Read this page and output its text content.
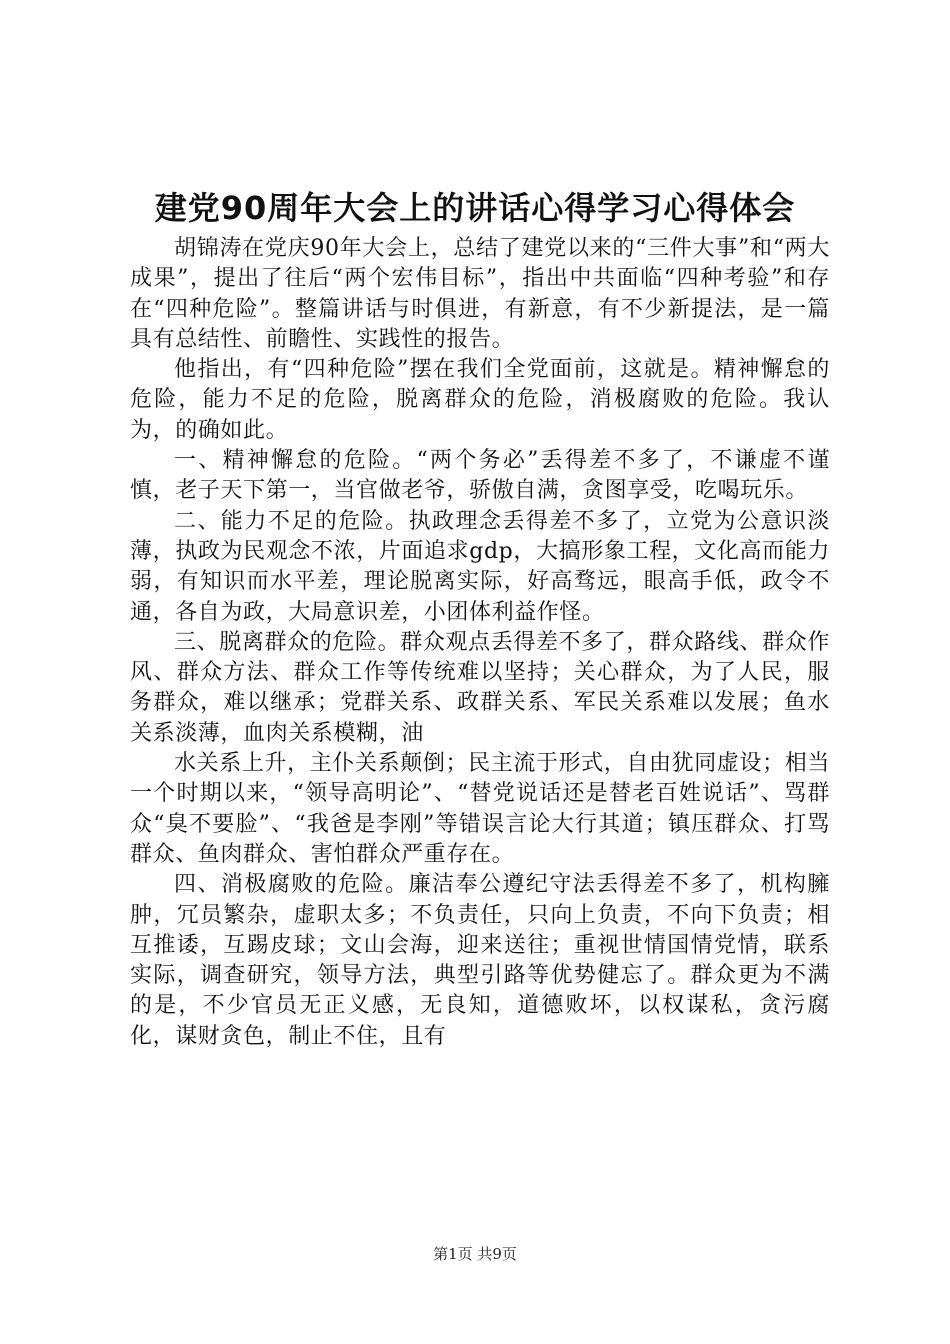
建党90周年大会上的讲话心得学习心得体会

胡锦涛在党庆90年大会上，总结了建党以来的“三件大事”和“两大成果”，提出了往后“两个宏伟目标”，指出中共面临“四种考验”和存在“四种危险”。整篇讲话与时俱进，有新意，有不少新提法，是一篇具有总结性、前瞻性、实践性的报告。

他指出，有“四种危险”摆在我们全党面前，这就是。精神懈怠的危险，能力不足的危险，脱离群众的危险，消极腐败的危险。我认为，的确如此。

一、精神懈怠的危险。“两个务必”丢得差不多了，不谦虚不谨慎，老子天下第一，当官做老爷，骄傲自满，贪图享受，吃喝玩乐。

二、能力不足的危险。执政理念丢得差不多了，立党为公意识淡薄，执政为民观念不浓，片面追求gdp，大搞形象工程，文化高而能力弱，有知识而水平差，理论脱离实际，好高骛远，眼高手低，政令不通，各自为政，大局意识差，小团体利益作怪。

三、脱离群众的危险。群众观点丢得差不多了，群众路线、群众作风、群众方法、群众工作等传统难以坚持；关心群众，为了人民，服务群众，难以继承；党群关系、政群关系、军民关系难以发展；鱼水关系淡薄，血肉关系模糊，油

水关系上升，主仆关系颠倒；民主流于形式，自由犹同虚设；相当一个时期以来，“领导高明论”、“替党说话还是替老百姓说话”、骂群众“臭不要脸”、“我爸是李刚”等错误言论大行其道；镇压群众、打骂群众、鱼肉群众、害怕群众严重存在。

四、消极腐败的危险。廉洁奉公遵纪守法丢得差不多了，机构臃肿，冗员繁杂，虚职太多；不负责任，只向上负责，不向下负责；相互推诿，互踢皮球；文山会海，迎来送往；重视世情国情党情，联系实际，调查研究，领导方法，典型引路等优势健忘了。群众更为不满的是，不少官员无正义感，无良知，道德败坏，以权谋私，贪污腐化，谋财贪色，制止不住，且有

第1页 共9页
